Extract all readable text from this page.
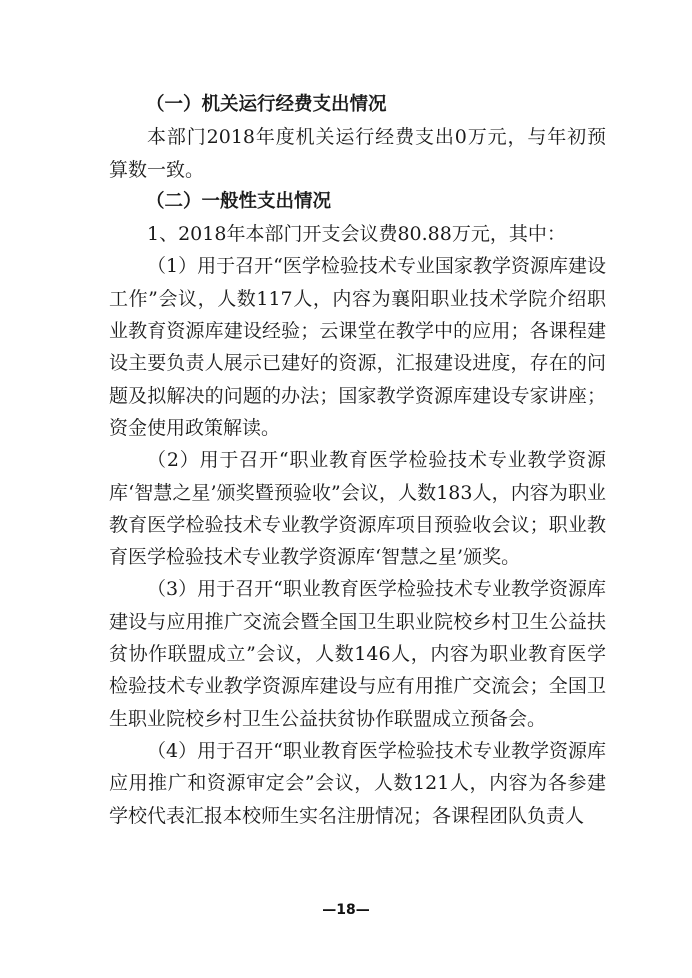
（一）机关运行经费支出情况

本部门2018年度机关运行经费支出0万元，与年初预算数一致。

（二）一般性支出情况

1、2018年本部门开支会议费80.88万元，其中：

（1）用于召开“医学检验技术专业国家教学资源库建设工作”会议，人数117人，内容为襄阳职业技术学院介绍职业教育资源库建设经验；云课堂在教学中的应用；各课程建设主要负责人展示已建好的资源，汇报建设进度，存在的问题及拟解决的问题的办法；国家教学资源库建设专家讲座；资金使用政策解读。

（2）用于召开“职业教育医学检验技术专业教学资源库‘智慧之星’颁奖暨预验收”会议，人数183人，内容为职业教育医学检验技术专业教学资源库项目预验收会议；职业教育医学检验技术专业教学资源库‘智慧之星’颁奖。

（3）用于召开“职业教育医学检验技术专业教学资源库建设与应用推广交流会暨全国卫生职业院校乡村卫生公益扶贫协作联盟成立”会议，人数146人，内容为职业教育医学检验技术专业教学资源库建设与应有用推广交流会；全国卫生职业院校乡村卫生公益扶贫协作联盟成立预备会。

（4）用于召开“职业教育医学检验技术专业教学资源库应用推广和资源审定会”会议，人数121人，内容为各参建学校代表汇报本校师生实名注册情况；各课程团队负责人

—18—
